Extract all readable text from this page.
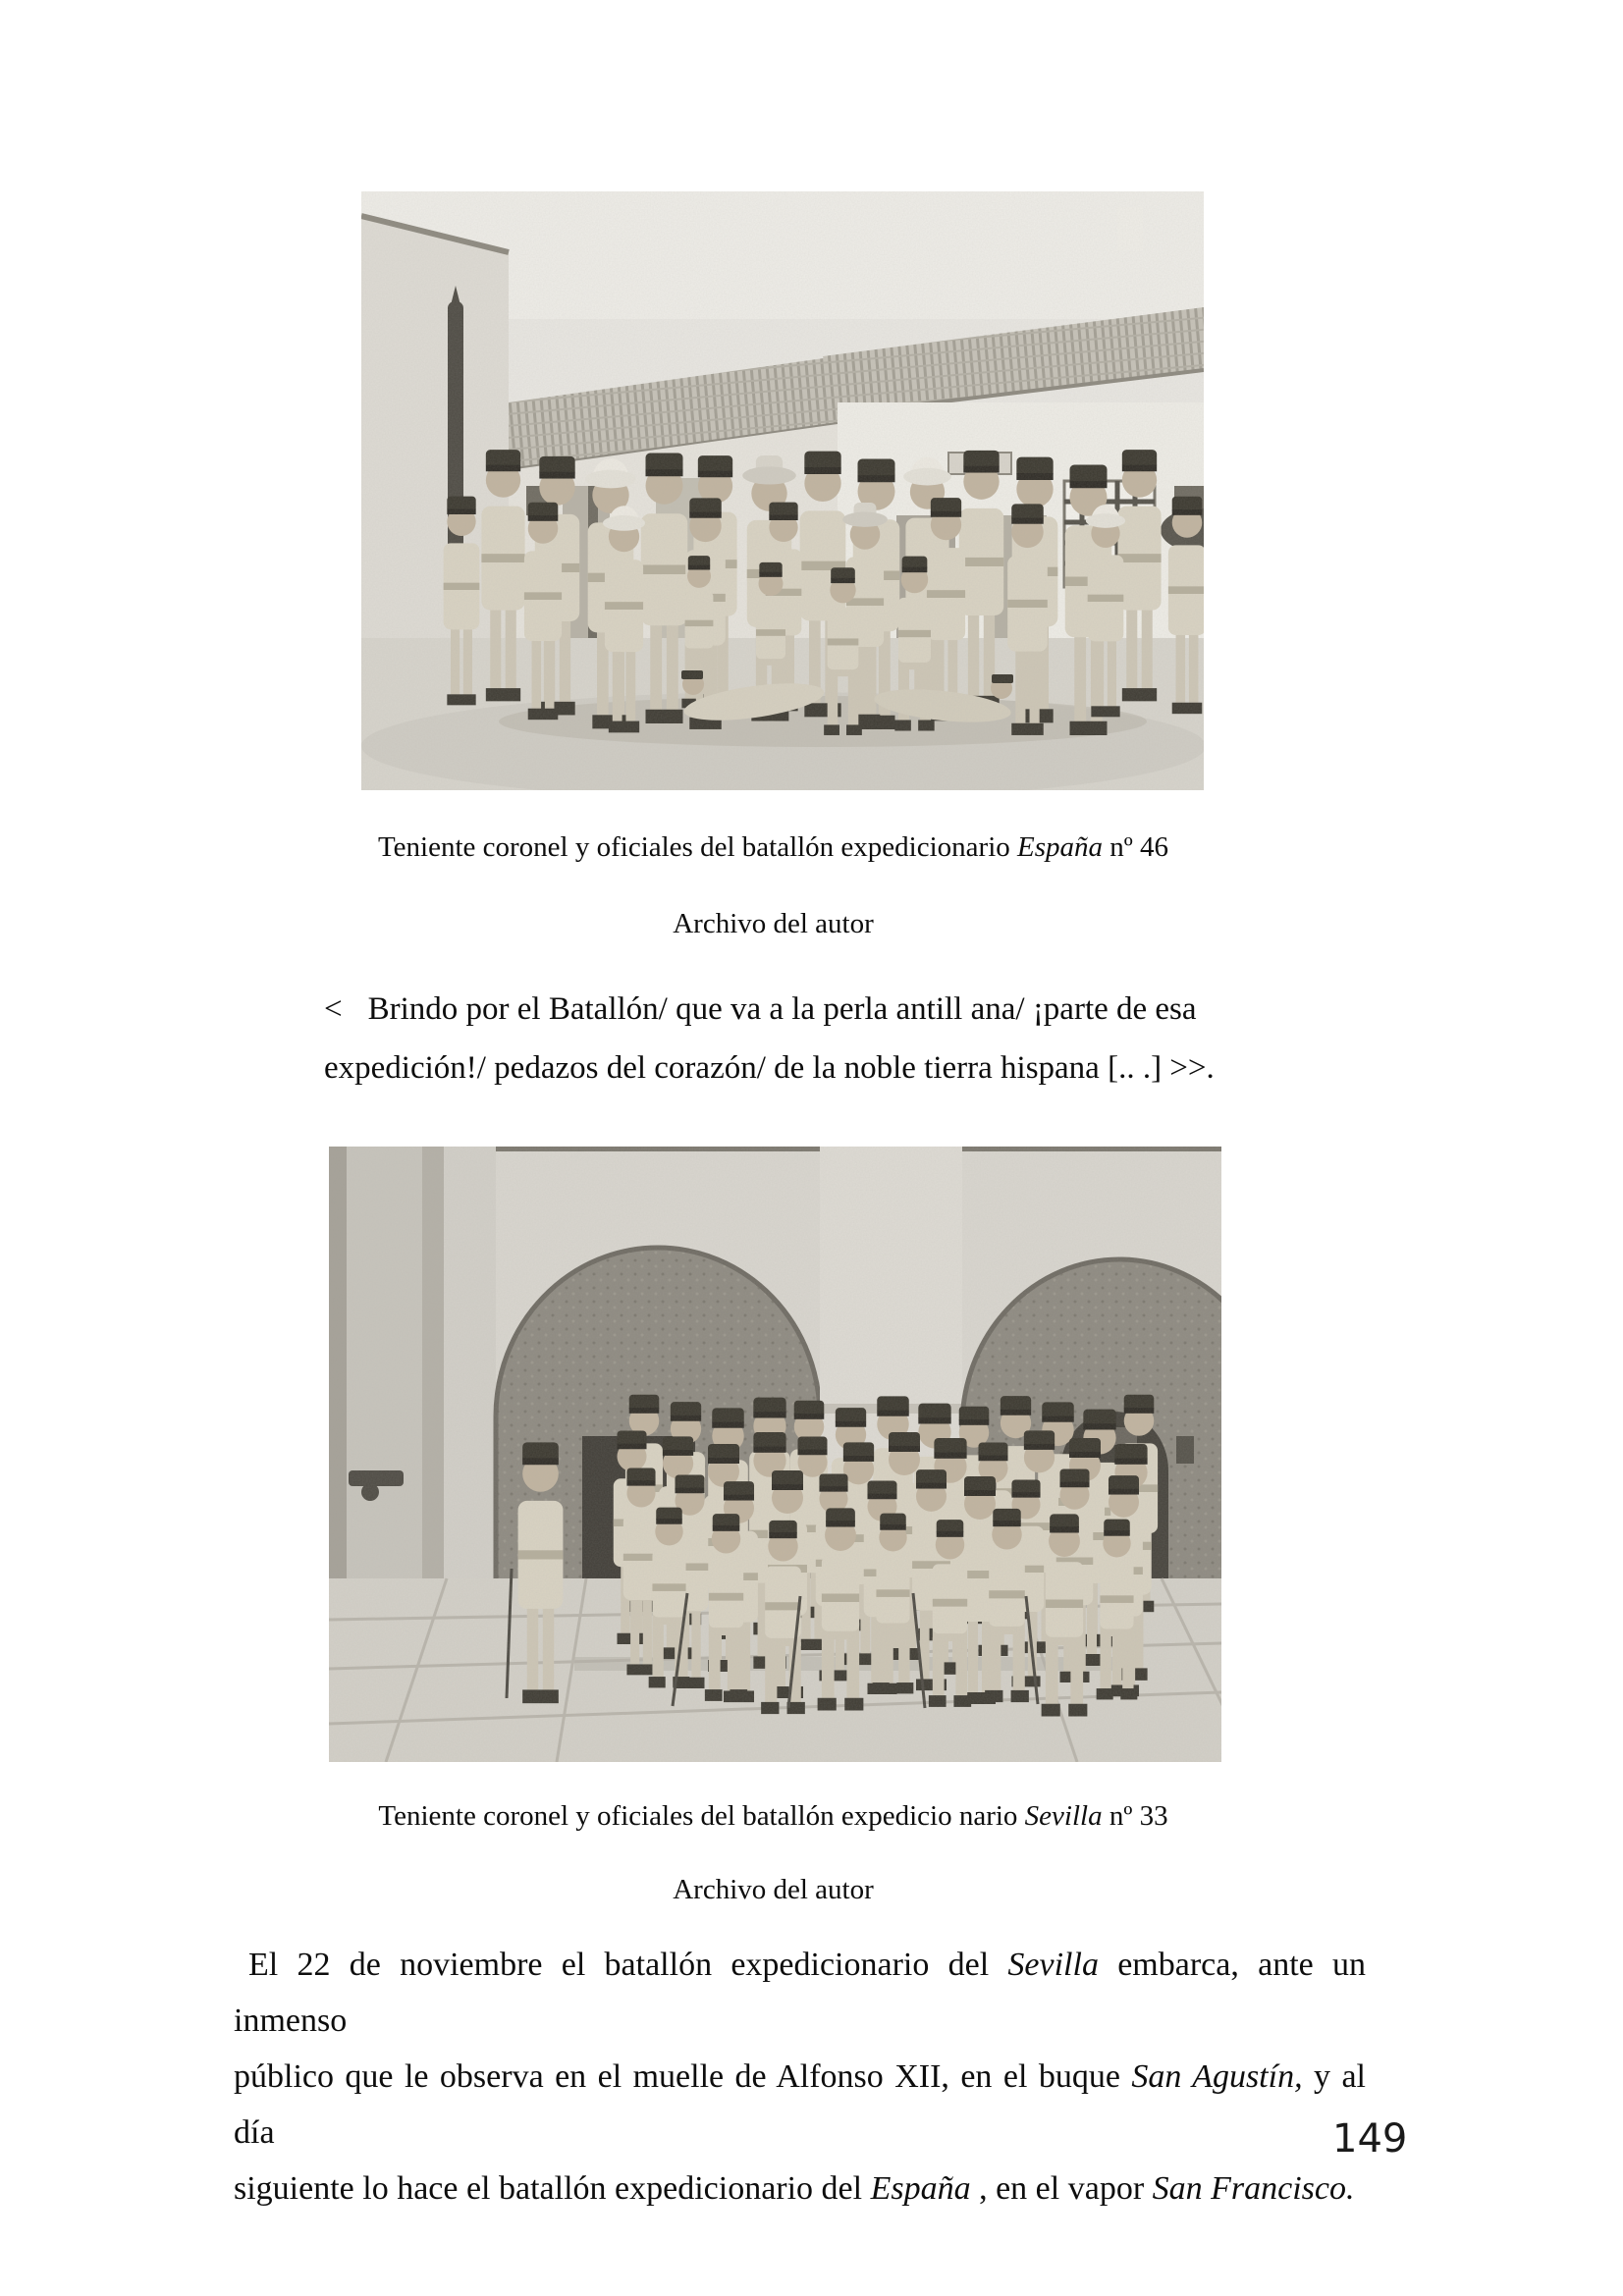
Teniente coronel y oficiales del batallón expedicionario España nº 46
Archivo del autor
< Brindo por el Batallón/ que va a la perla antill ana/ ¡parte de esa
expedición!/ pedazos del corazón/ de la noble tierra hispana [.. .] >>.
Teniente coronel y oficiales del batallón expedicio nario Sevilla nº 33
Archivo del autor
El 22 de noviembre el batallón expedicionario del Sevilla embarca, ante un inmenso
público que le observa en el muelle de Alfonso XII, en el buque San Agustín, y al día
siguiente lo hace el batallón expedicionario del España , en el vapor San Francisco.
149
